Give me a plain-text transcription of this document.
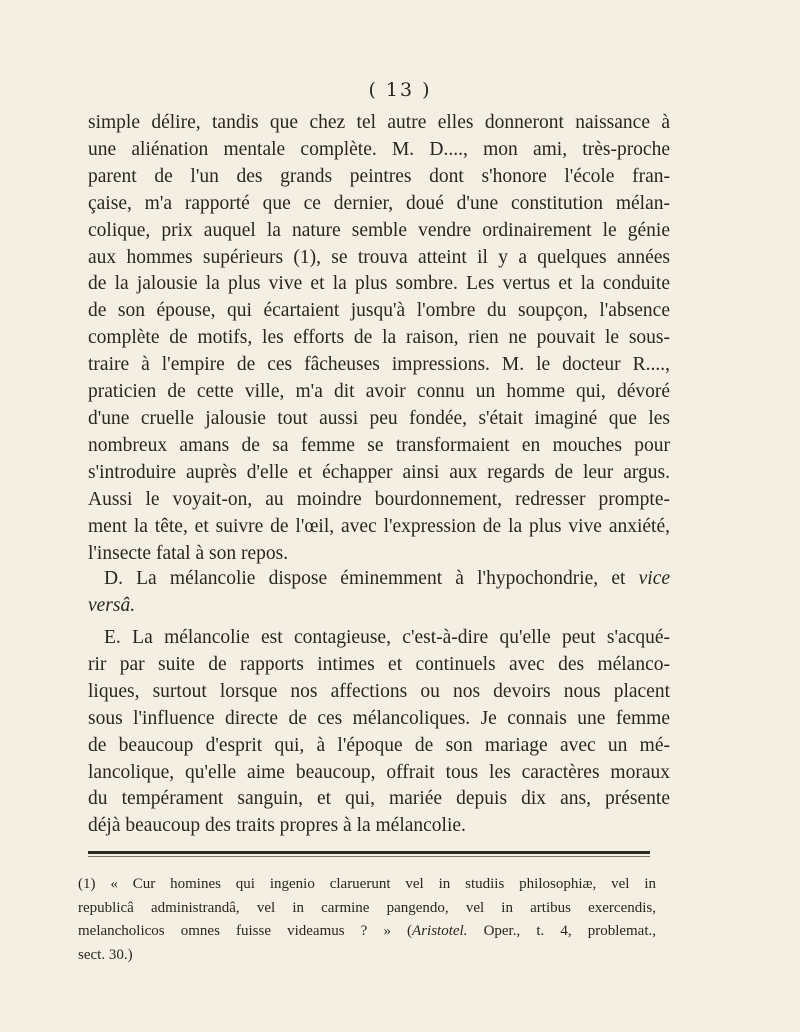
( 13 )
simple délire, tandis que chez tel autre elles donneront naissance à
une aliénation mentale complète. M. D...., mon ami, très-proche
parent de l'un des grands peintres dont s'honore l'école fran-
çaise, m'a rapporté que ce dernier, doué d'une constitution mélan-
colique, prix auquel la nature semble vendre ordinairement le génie
aux hommes supérieurs (1), se trouva atteint il y a quelques années
de la jalousie la plus vive et la plus sombre. Les vertus et la conduite
de son épouse, qui écartaient jusqu'à l'ombre du soupçon, l'absence
complète de motifs, les efforts de la raison, rien ne pouvait le sous-
traire à l'empire de ces fâcheuses impressions. M. le docteur R....,
praticien de cette ville, m'a dit avoir connu un homme qui, dévoré
d'une cruelle jalousie tout aussi peu fondée, s'était imaginé que les
nombreux amans de sa femme se transformaient en mouches pour
s'introduire auprès d'elle et échapper ainsi aux regards de leur argus.
Aussi le voyait-on, au moindre bourdonnement, redresser prompte-
ment la tête, et suivre de l'œil, avec l'expression de la plus vive anxiété,
l'insecte fatal à son repos.
D. La mélancolie dispose éminemment à l'hypochondrie, et vice
versâ.
E. La mélancolie est contagieuse, c'est-à-dire qu'elle peut s'acqué-
rir par suite de rapports intimes et continuels avec des mélanco-
liques, surtout lorsque nos affections ou nos devoirs nous placent
sous l'influence directe de ces mélancoliques. Je connais une femme
de beaucoup d'esprit qui, à l'époque de son mariage avec un mé-
lancolique, qu'elle aime beaucoup, offrait tous les caractères moraux
du tempérament sanguin, et qui, mariée depuis dix ans, présente
déjà beaucoup des traits propres à la mélancolie.
(1) « Cur homines qui ingenio claruerunt vel in studiis philosophiæ, vel in
republicâ administrandâ, vel in carmine pangendo, vel in artibus exercendis,
melancholicos omnes fuisse videamus ? » (Aristotel. Oper., t. 4, problemat.,
sect. 30.)
